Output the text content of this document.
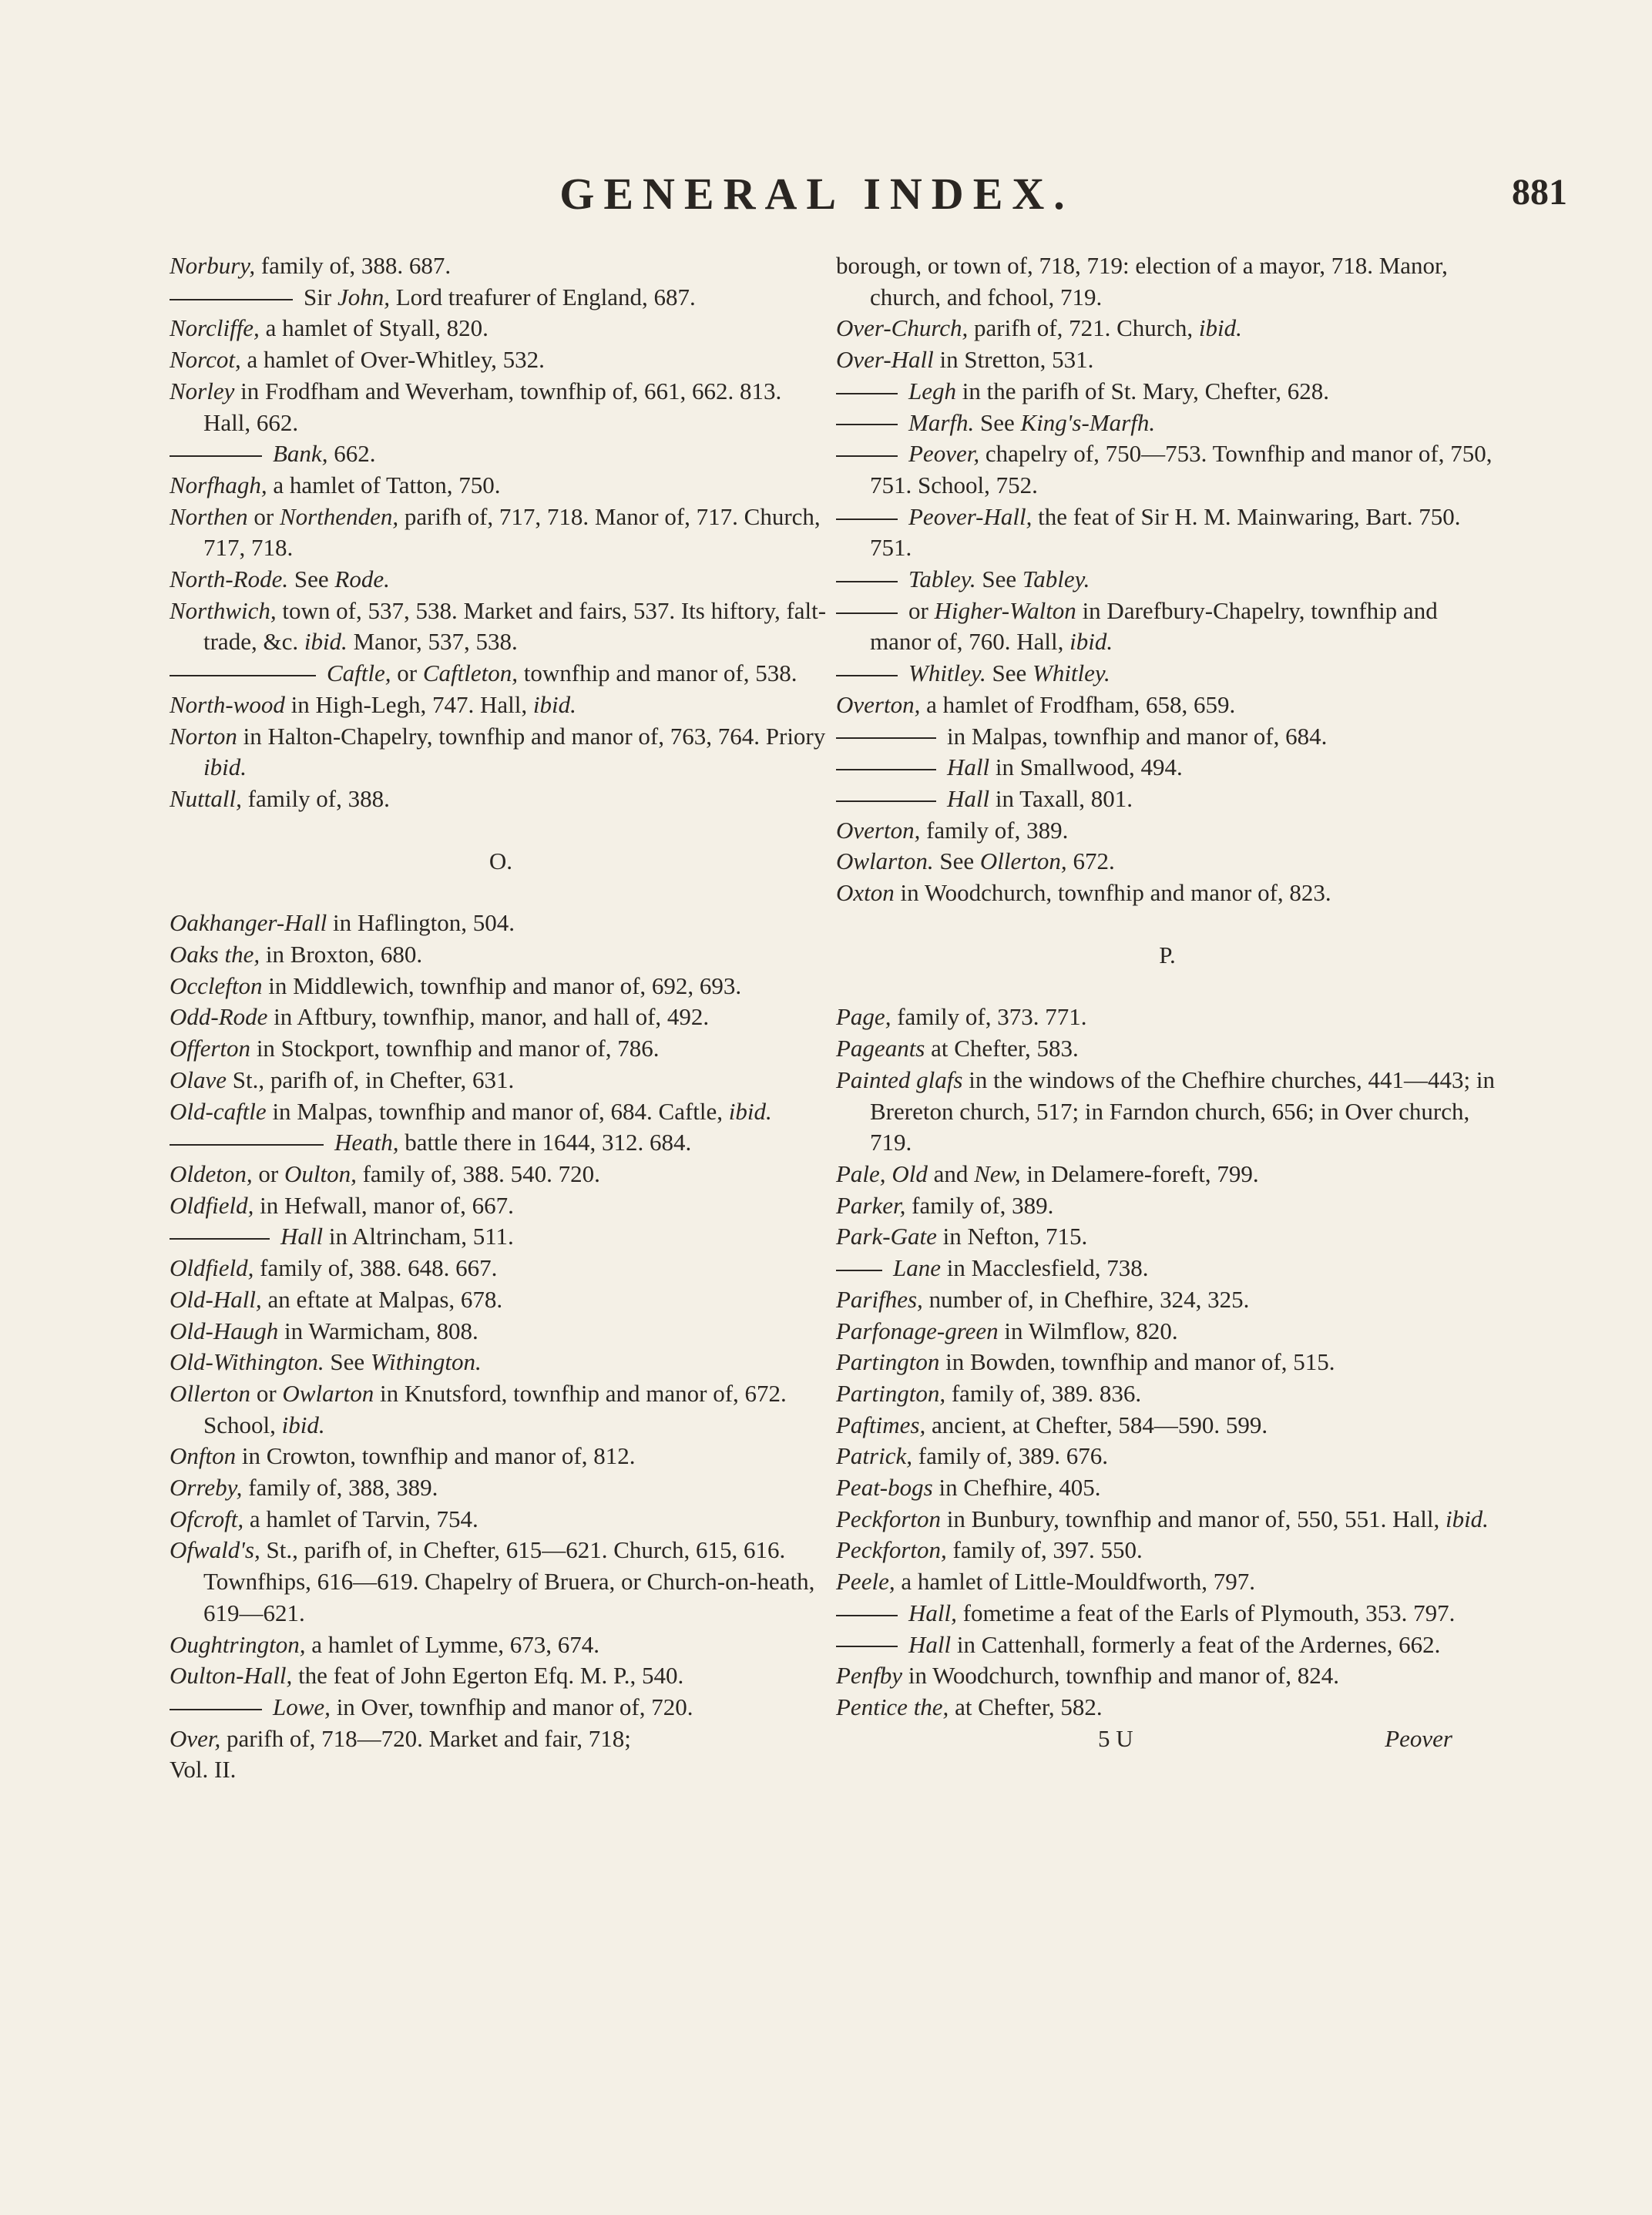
GENERAL INDEX.	881

Norbury, family of, 388. 687.

Sir John, Lord treafurer of England, 687.

Norcliffe, a hamlet of Styall, 820.

Norcot, a hamlet of Over-Whitley, 532.

Norley in Frodfham and Weverham, townfhip of, 661, 662. 813. Hall, 662.

Bank, 662.

Norfhagh, a hamlet of Tatton, 750.

Northen or Northenden, parifh of, 717, 718. Manor of, 717. Church, 717, 718.

North-Rode. See Rode.

Northwich, town of, 537, 538. Market and fairs, 537. Its hiftory, falt-trade, &c. ibid. Manor, 537, 538.

Caftle, or Caftleton, townfhip and manor of, 538.

North-wood in High-Legh, 747. Hall, ibid.

Norton in Halton-Chapelry, townfhip and manor of, 763, 764. Priory ibid.

Nuttall, family of, 388.

O.

Oakhanger-Hall in Haflington, 504.

Oaks the, in Broxton, 680.

Occlefton in Middlewich, townfhip and manor of, 692, 693.

Odd-Rode in Aftbury, townfhip, manor, and hall of, 492.

Offerton in Stockport, townfhip and manor of, 786.

Olave St., parifh of, in Chefter, 631.

Old-caftle in Malpas, townfhip and manor of, 684. Caftle, ibid.

Heath, battle there in 1644, 312. 684.

Oldeton, or Oulton, family of, 388. 540. 720.

Oldfield, in Hefwall, manor of, 667.

Hall in Altrincham, 511.

Oldfield, family of, 388. 648. 667.

Old-Hall, an eftate at Malpas, 678.

Old-Haugh in Warmicham, 808.

Old-Withington. See Withington.

Ollerton or Owlarton in Knutsford, townfhip and manor of, 672. School, ibid.

Onfton in Crowton, townfhip and manor of, 812.

Orreby, family of, 388, 389.

Ofcroft, a hamlet of Tarvin, 754.

Ofwald's, St., parifh of, in Chefter, 615—621. Church, 615, 616. Townfhips, 616—619. Chapelry of Bruera, or Church-on-heath, 619—621.

Oughtrington, a hamlet of Lymme, 673, 674.

Oulton-Hall, the feat of John Egerton Efq. M. P., 540.

Lowe, in Over, townfhip and manor of, 720.

Over, parifh of, 718—720. Market and fair, 718;

Vol. II.

borough, or town of, 718, 719: election of a mayor, 718. Manor, church, and fchool, 719.

Over-Church, parifh of, 721. Church, ibid.

Over-Hall in Stretton, 531.

Legh in the parifh of St. Mary, Chefter, 628.

Marfh. See King's-Marfh.

Peover, chapelry of, 750—753. Townfhip and manor of, 750, 751. School, 752.

Peover-Hall, the feat of Sir H. M. Mainwaring, Bart. 750. 751.

Tabley. See Tabley.

or Higher-Walton in Darefbury-Chapelry, townfhip and manor of, 760. Hall, ibid.

Whitley. See Whitley.

Overton, a hamlet of Frodfham, 658, 659.

in Malpas, townfhip and manor of, 684.

Hall in Smallwood, 494.

Hall in Taxall, 801.

Overton, family of, 389.

Owlarton. See Ollerton, 672.

Oxton in Woodchurch, townfhip and manor of, 823.

P.

Page, family of, 373. 771.

Pageants at Chefter, 583.

Painted glafs in the windows of the Chefhire churches, 441—443; in Brereton church, 517; in Farndon church, 656; in Over church, 719.

Pale, Old and New, in Delamere-foreft, 799.

Parker, family of, 389.

Park-Gate in Nefton, 715.

Lane in Macclesfield, 738.

Parifhes, number of, in Chefhire, 324, 325.

Parfonage-green in Wilmflow, 820.

Partington in Bowden, townfhip and manor of, 515.

Partington, family of, 389. 836.

Paftimes, ancient, at Chefter, 584—590. 599.

Patrick, family of, 389. 676.

Peat-bogs in Chefhire, 405.

Peckforton in Bunbury, townfhip and manor of, 550, 551. Hall, ibid.

Peckforton, family of, 397. 550.

Peele, a hamlet of Little-Mouldfworth, 797.

Hall, fometime a feat of the Earls of Plymouth, 353. 797.

Hall in Cattenhall, formerly a feat of the Ardernes, 662.

Penfby in Woodchurch, townfhip and manor of, 824.

Pentice the, at Chefter, 582.

5 U	Peover
